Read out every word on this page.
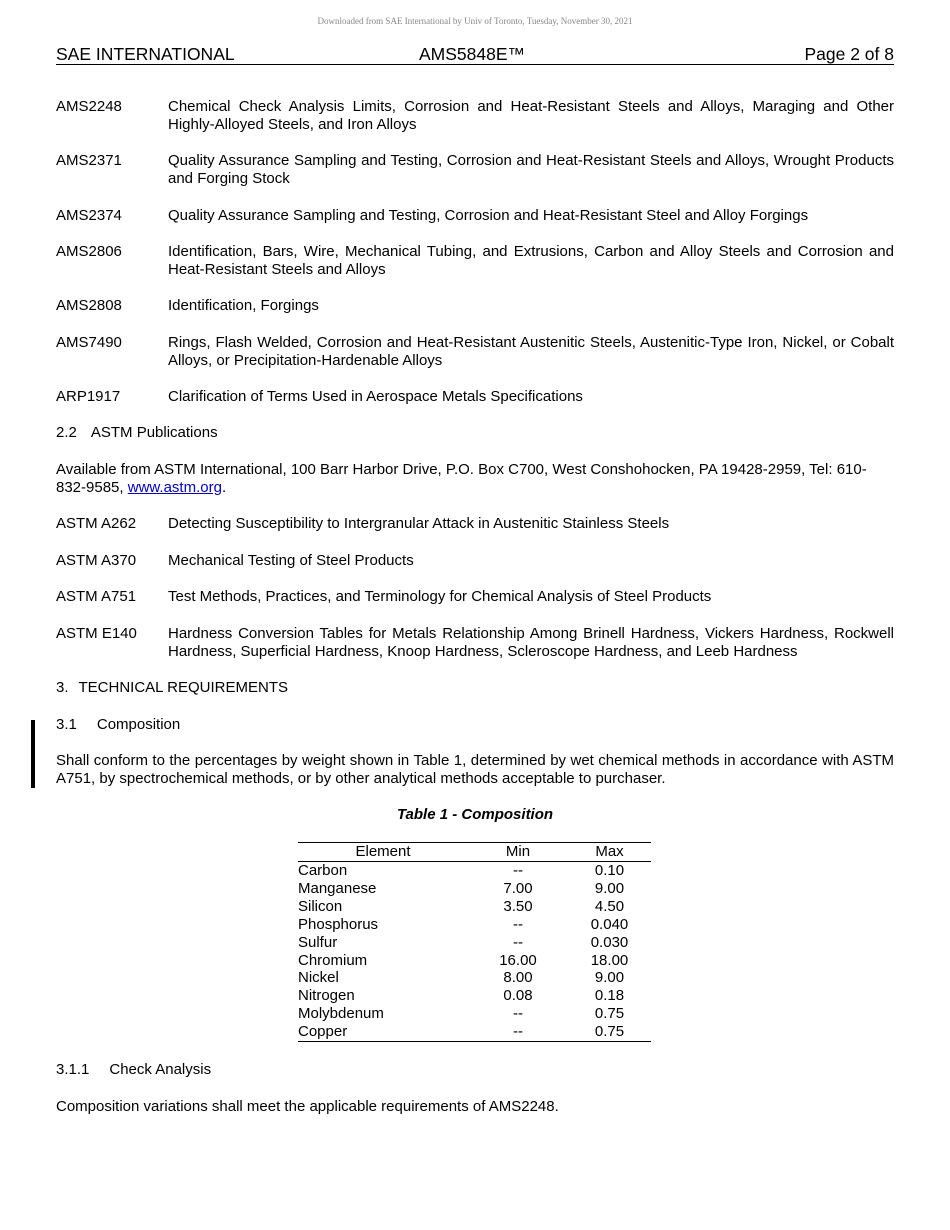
Downloaded from SAE International by Univ of Toronto, Tuesday, November 30, 2021
SAE INTERNATIONAL	AMS5848E™	Page 2 of 8
AMS2248	Chemical Check Analysis Limits, Corrosion and Heat-Resistant Steels and Alloys, Maraging and Other Highly-Alloyed Steels, and Iron Alloys
AMS2371	Quality Assurance Sampling and Testing, Corrosion and Heat-Resistant Steels and Alloys, Wrought Products and Forging Stock
AMS2374	Quality Assurance Sampling and Testing, Corrosion and Heat-Resistant Steel and Alloy Forgings
AMS2806	Identification, Bars, Wire, Mechanical Tubing, and Extrusions, Carbon and Alloy Steels and Corrosion and Heat-Resistant Steels and Alloys
AMS2808	Identification, Forgings
AMS7490	Rings, Flash Welded, Corrosion and Heat-Resistant Austenitic Steels, Austenitic-Type Iron, Nickel, or Cobalt Alloys, or Precipitation-Hardenable Alloys
ARP1917	Clarification of Terms Used in Aerospace Metals Specifications
2.2 ASTM Publications
Available from ASTM International, 100 Barr Harbor Drive, P.O. Box C700, West Conshohocken, PA 19428-2959, Tel: 610-832-9585, www.astm.org.
ASTM A262 Detecting Susceptibility to Intergranular Attack in Austenitic Stainless Steels
ASTM A370 Mechanical Testing of Steel Products
ASTM A751 Test Methods, Practices, and Terminology for Chemical Analysis of Steel Products
ASTM E140 Hardness Conversion Tables for Metals Relationship Among Brinell Hardness, Vickers Hardness, Rockwell Hardness, Superficial Hardness, Knoop Hardness, Scleroscope Hardness, and Leeb Hardness
3. TECHNICAL REQUIREMENTS
3.1 Composition
Shall conform to the percentages by weight shown in Table 1, determined by wet chemical methods in accordance with ASTM A751, by spectrochemical methods, or by other analytical methods acceptable to purchaser.
Table 1 - Composition
Element	Min	Max
Carbon	--	0.10
Manganese	7.00	9.00
Silicon	3.50	4.50
Phosphorus	--	0.040
Sulfur	--	0.030
Chromium	16.00	18.00
Nickel	8.00	9.00
Nitrogen	0.08	0.18
Molybdenum	--	0.75
Copper	--	0.75
3.1.1 Check Analysis
Composition variations shall meet the applicable requirements of AMS2248.
